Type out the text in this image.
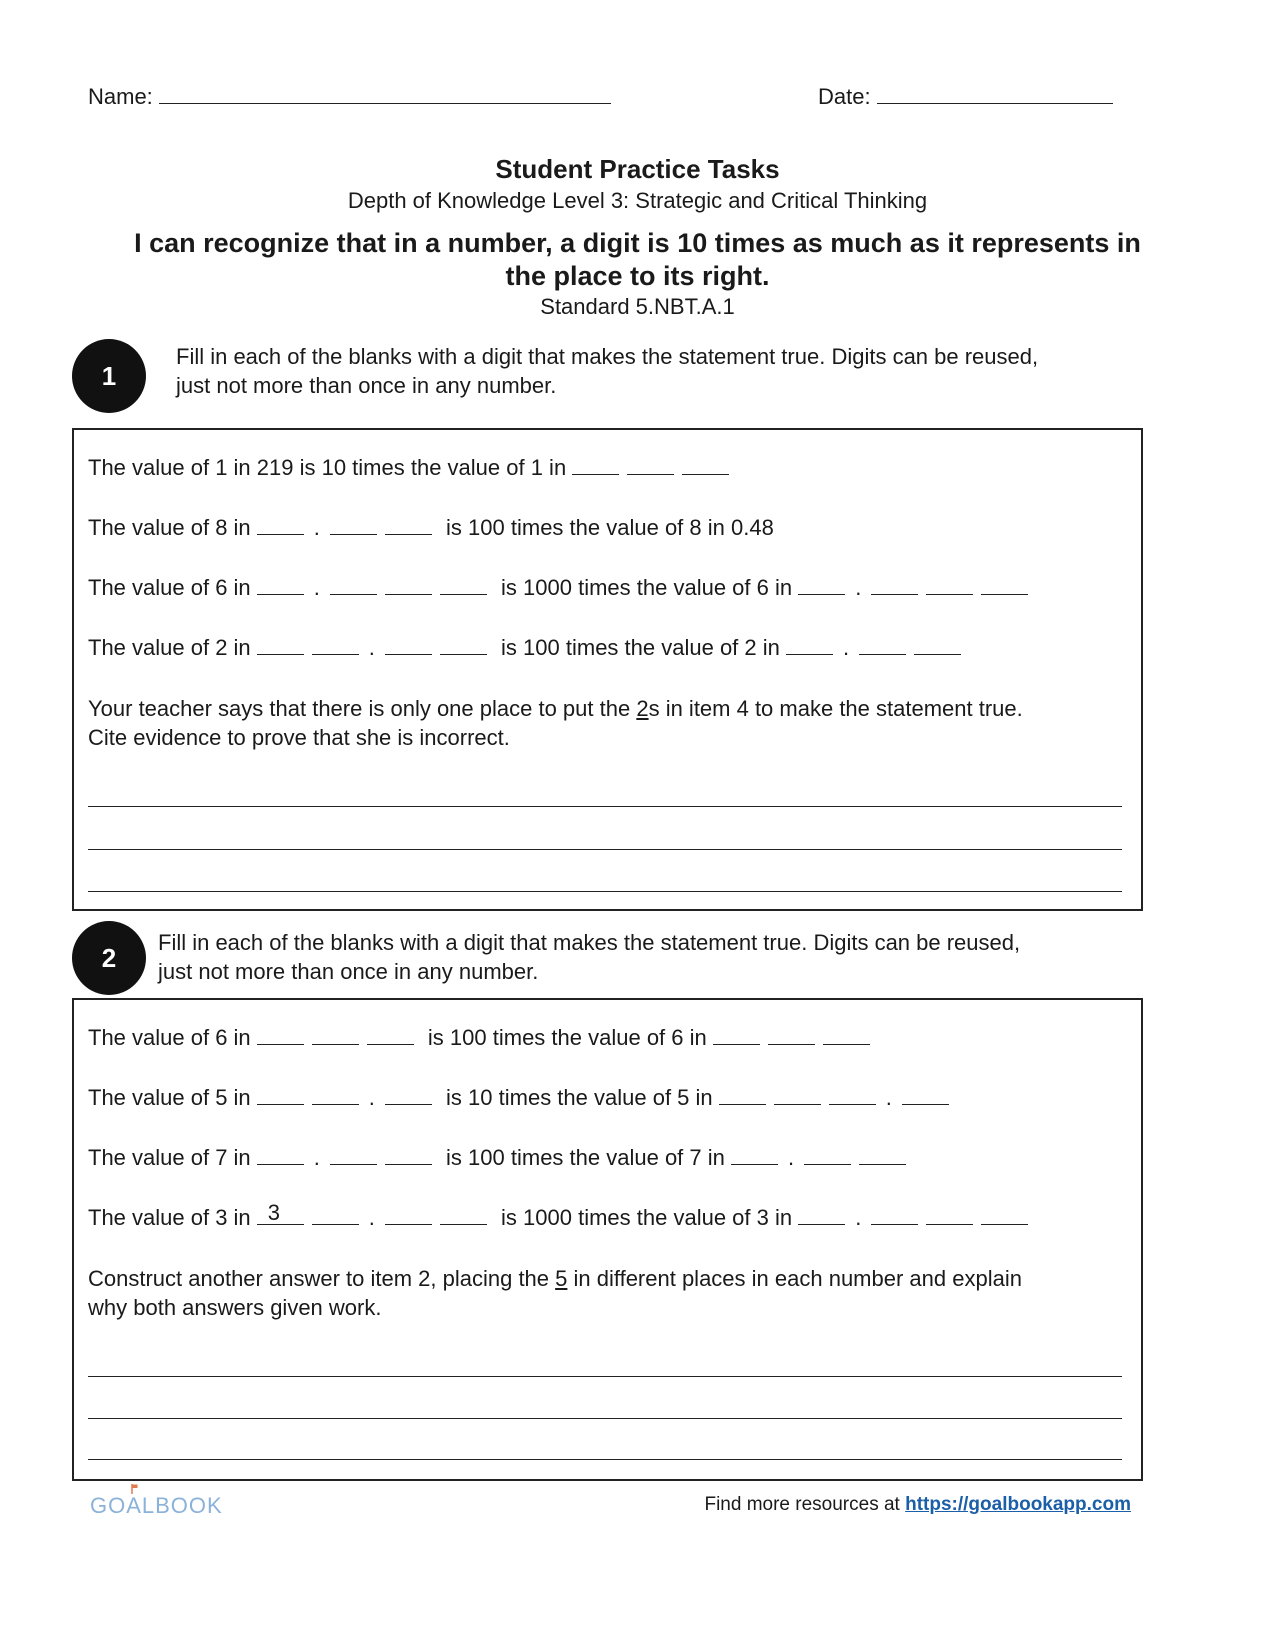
Name:	Date:
Student Practice Tasks
Depth of Knowledge Level 3: Strategic and Critical Thinking
I can recognize that in a number, a digit is 10 times as much as it represents in
the place to its right.
Standard 5.NBT.A.1
1
Fill in each of the blanks with a digit that makes the statement true. Digits can be reused,
just not more than once in any number.
The value of 1 in 219 is 10 times the value of 1 in
The value of 8 in	.	is 100 times the value of 8 in 0.48
The value of 6 in	.	is 1000 times the value of 6 in	.
The value of 2 in	.	is 100 times the value of 2 in	.
Your teacher says that there is only one place to put the 2s in item 4 to make the statement true.
Cite evidence to prove that she is incorrect.
2 Fill in each of the blanks with a digit that makes the statement true. Digits can be reused,
just not more than once in any number.
The value of 6 in	is 100 times the value of 6 in
The value of 5 in	.	is 10 times the value of 5 in	.
The value of 7 in	.	is 100 times the value of 7 in	.
The value of 3 in 3	.	is 1000 times the value of 3 in	.
Construct another answer to item 2, placing the 5 in different places in each number and explain
why both answers given work.
GOALBOOK	Find more resources at https://goalbookapp.com
